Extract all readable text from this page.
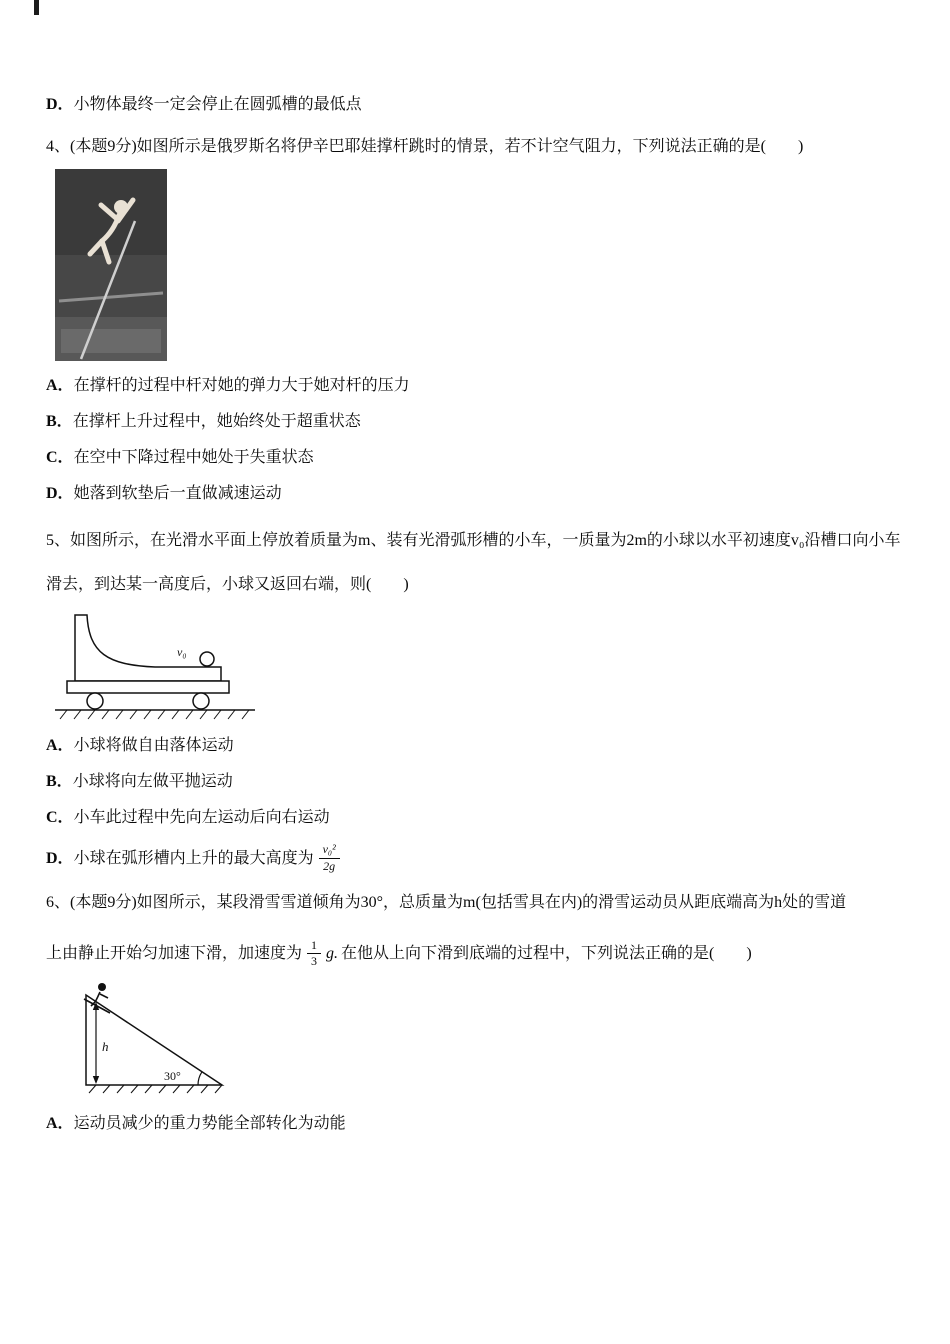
D．小物体最终一定会停止在圆弧槽的最低点

4、(本题9分)如图所示是俄罗斯名将伊辛巴耶娃撑杆跳时的情景，若不计空气阻力，下列说法正确的是(　　)

A．在撑杆的过程中杆对她的弹力大于她对杆的压力

B．在撑杆上升过程中，她始终处于超重状态

C．在空中下降过程中她处于失重状态

D．她落到软垫后一直做减速运动

5、如图所示，在光滑水平面上停放着质量为m、装有光滑弧形槽的小车，一质量为2m的小球以水平初速度v₀沿槽口向小车滑去，到达某一高度后，小球又返回右端，则(　　)

v₀

A．小球将做自由落体运动

B．小球将向左做平抛运动

C．小车此过程中先向左运动后向右运动

D． 小球在弧形槽内上升的最大高度为 $\frac{\text{v₀²}}{2g}$

6、(本题9分)如图所示，某段滑雪雪道倾角为30°，总质量为m(包括雪具在内)的滑雪运动员从距底端高为h处的雪道

上由静止开始匀加速下滑，加速度为 $\frac{1}{3} g$. 在他从上向下滑到底端的过程中，下列说法正确的是(　　)

h
30°

A．运动员减少的重力势能全部转化为动能
